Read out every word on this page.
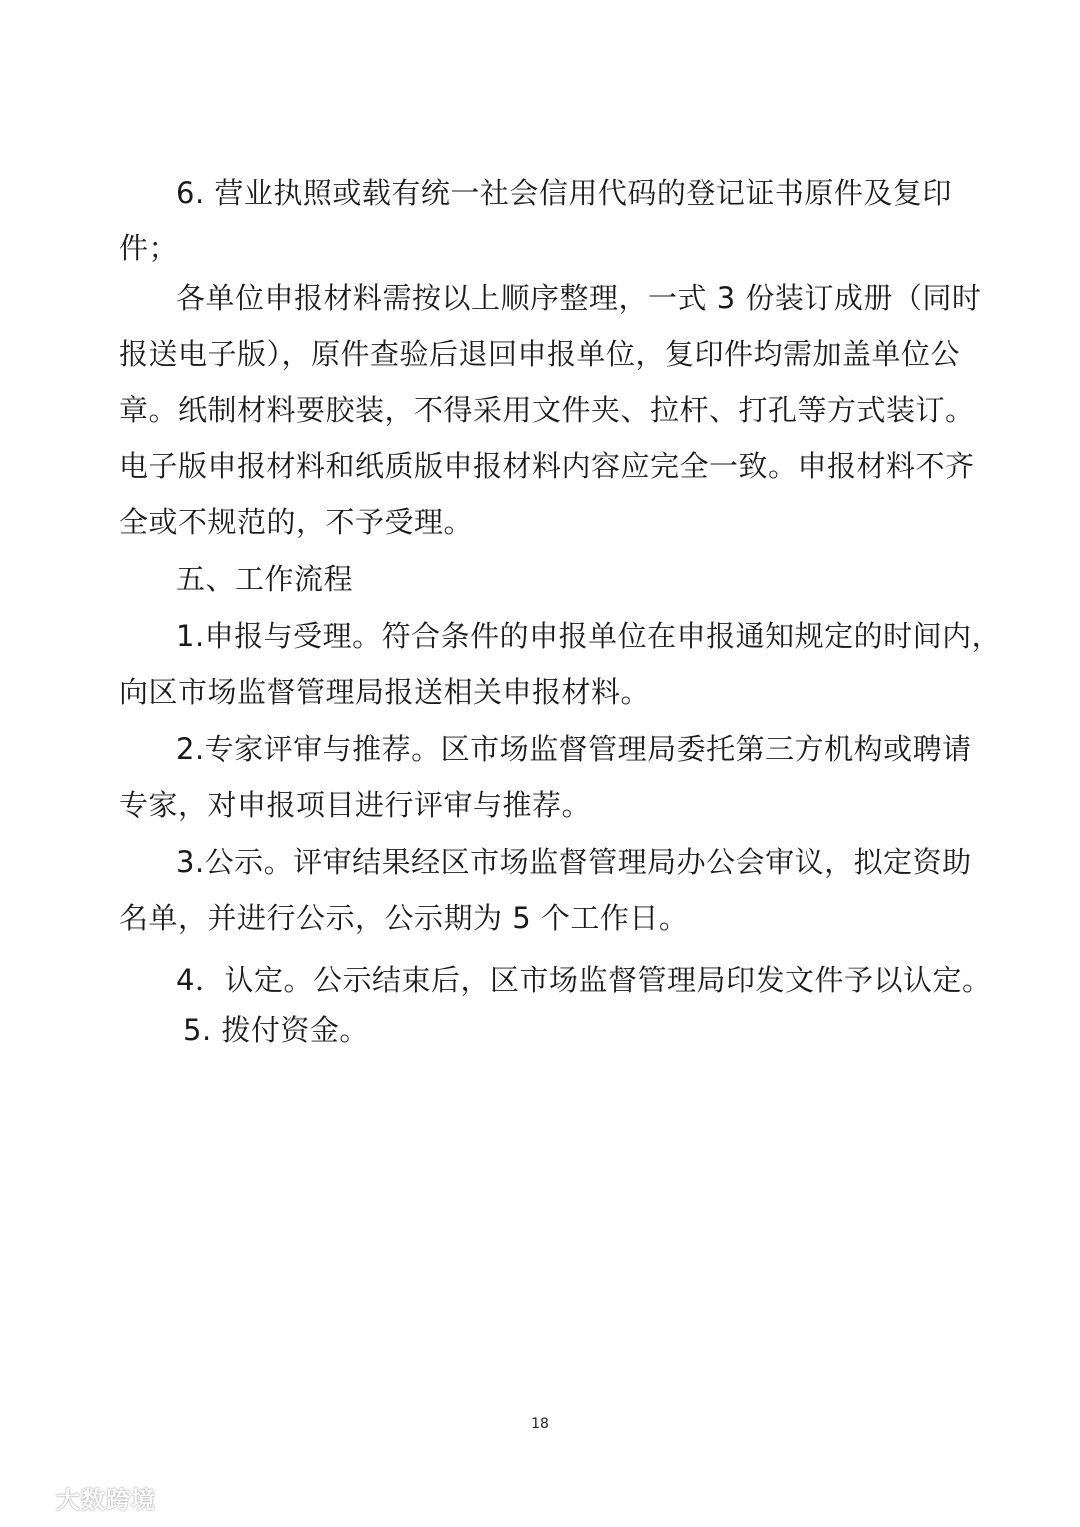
6. 营业执照或载有统一社会信用代码的登记证书原件及复印
件；
各单位申报材料需按以上顺序整理，一式 3 份装订成册（同时
报送电子版），原件查验后退回申报单位，复印件均需加盖单位公
章。纸制材料要胶装，不得采用文件夹、拉杆、打孔等方式装订。
电子版申报材料和纸质版申报材料内容应完全一致。申报材料不齐
全或不规范的，不予受理。
五、工作流程
1.申报与受理。符合条件的申报单位在申报通知规定的时间内，
向区市场监督管理局报送相关申报材料。
2.专家评审与推荐。区市场监督管理局委托第三方机构或聘请
专家，对申报项目进行评审与推荐。
3.公示。评审结果经区市场监督管理局办公会审议，拟定资助
名单，并进行公示，公示期为 5 个工作日。
4．认定。公示结束后，区市场监督管理局印发文件予以认定。
5. 拨付资金。
18
大数跨境
